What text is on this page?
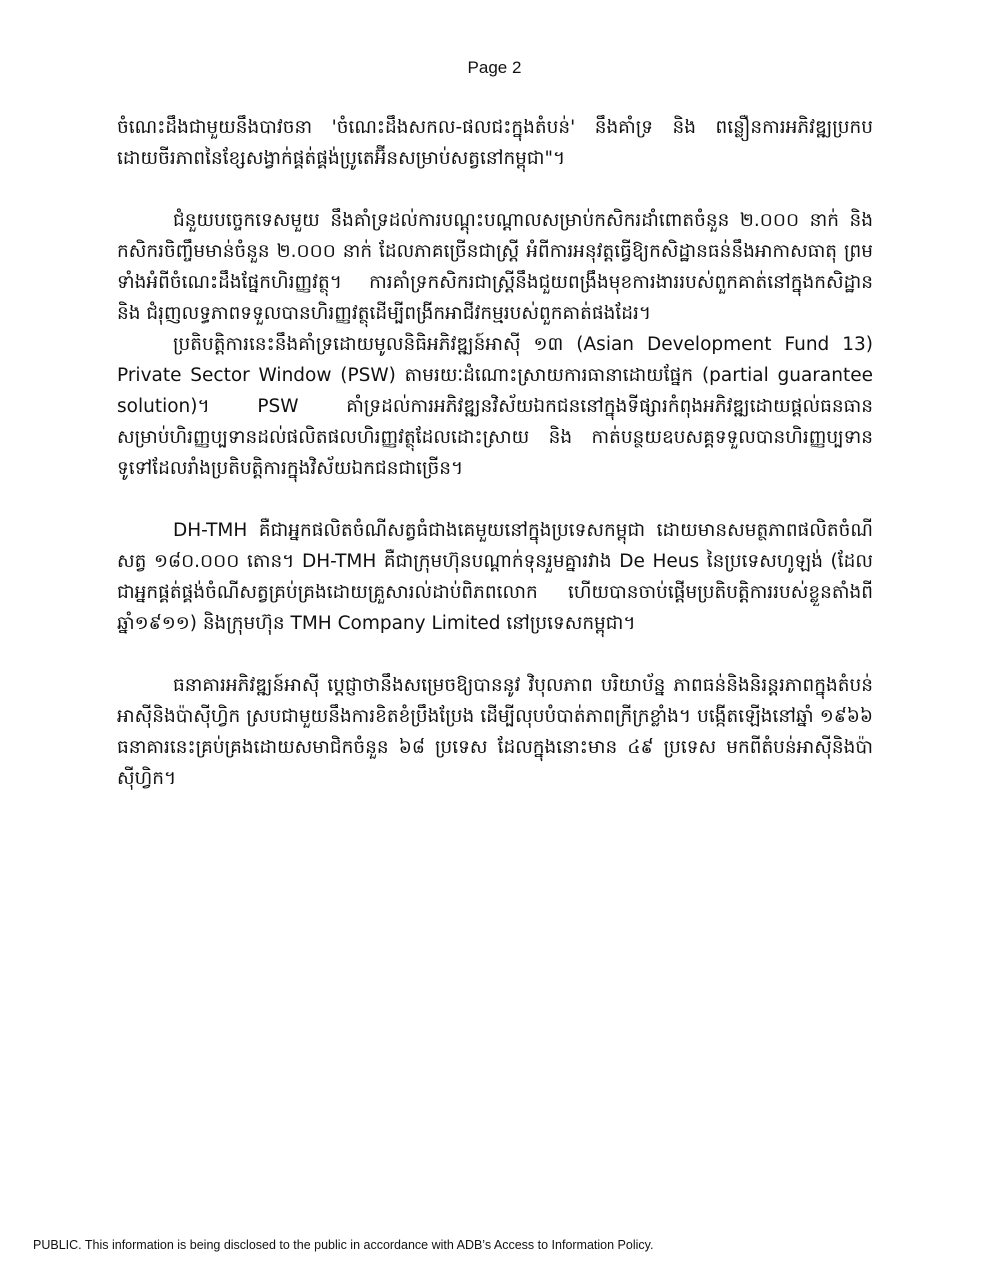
Page 2

ចំណេះដឹងជាមួយនឹងបាវចនា 'ចំណេះដឹងសកល-ផលជះក្នុងតំបន់' នឹងគាំទ្រ និង ពន្លឿនការអភិវឌ្ឍប្រកបដោយចីរភាពនៃខ្សែសង្វាក់ផ្គត់ផ្គង់ប្រូតេអ៊ីនសម្រាប់សត្វនៅកម្ពុជា"។

ជំនួយបច្ចេកទេសមួយ នឹងគាំទ្រដល់ការបណ្តុះបណ្តាលសម្រាប់កសិករដាំពោតចំនួន ២.០០០ នាក់ និងកសិករចិញ្ចឹមមាន់ចំនួន ២.០០០ នាក់ ដែលភាគច្រើនជាស្ត្រី អំពីការអនុវត្តធ្វើឱ្យកសិដ្ឋានធន់នឹងអាកាសធាតុ ព្រមទាំងអំពីចំណេះដឹងផ្នែកហិរញ្ញវត្ថុ។ ការគាំទ្រកសិករជាស្ត្រីនឹងជួយពង្រឹងមុខការងាររបស់ពួកគាត់នៅក្នុងកសិដ្ឋាន និង ជំរុញលទ្ធភាពទទួលបានហិរញ្ញវត្ថុដើម្បីពង្រីកអាជីវកម្មរបស់ពួកគាត់ផងដែរ។

ប្រតិបត្តិការនេះនឹងគាំទ្រដោយមូលនិធិអភិវឌ្ឍន៍អាស៊ី ១៣ (Asian Development Fund 13) Private Sector Window (PSW) តាមរយៈដំណោះស្រាយការធានាដោយផ្នែក (partial guarantee solution)។ PSW គាំទ្រដល់ការអភិវឌ្ឍនវិស័យឯកជននៅក្នុងទីផ្សារកំពុងអភិវឌ្ឍដោយផ្តល់ធនធានសម្រាប់ហិរញ្ញប្បទានដល់ផលិតផលហិរញ្ញវត្ថុដែលដោះស្រាយ និង កាត់បន្ថយឧបសគ្គទទួលបានហិរញ្ញប្បទានទូទៅដែលរាំងប្រតិបត្តិការក្នុងវិស័យឯកជនជាច្រើន។

DH-TMH គឺជាអ្នកផលិតចំណីសត្វធំជាងគេមួយនៅក្នុងប្រទេសកម្ពុជា ដោយមានសមត្ថភាពផលិតចំណីសត្វ ១៨០.០០០ តោន។ DH-TMH គឺជាក្រុមហ៊ុនបណ្តាក់ទុនរួមគ្នារវាង De Heus នៃប្រទេសហូឡង់ (ដែលជាអ្នកផ្គត់ផ្គង់ចំណីសត្វគ្រប់គ្រងដោយគ្រួសារល់ដាប់ពិភពលោក ហើយបានចាប់ផ្តើមប្រតិបត្តិការរបស់ខ្លួនតាំងពីឆ្នាំ១៩១១) និងក្រុមហ៊ុន TMH Company Limited នៅប្រទេសកម្ពុជា។

ធនាគារអភិវឌ្ឍន៍អាស៊ី ប្តេជ្ញាថានឹងសម្រេចឱ្យបាននូវ វិបុលភាព បរិយាប័ន្ន ភាពធន់និងនិរន្តរភាពក្នុងតំបន់អាស៊ីនិងប៉ាស៊ីហ្វិក ស្របជាមួយនឹងការខិតខំប្រឹងប្រែង ដើម្បីលុបបំបាត់ភាពក្រីក្រខ្លាំង។ បង្កើតឡើងនៅឆ្នាំ ១៩៦៦ ធនាគារនេះគ្រប់គ្រងដោយសមាជិកចំនួន ៦៨ ប្រទេស ដែលក្នុងនោះមាន ៤៩ ប្រទេស មកពីតំបន់អាស៊ីនិងប៉ាស៊ីហ្វិក។

PUBLIC. This information is being disclosed to the public in accordance with ADB’s Access to Information Policy.
